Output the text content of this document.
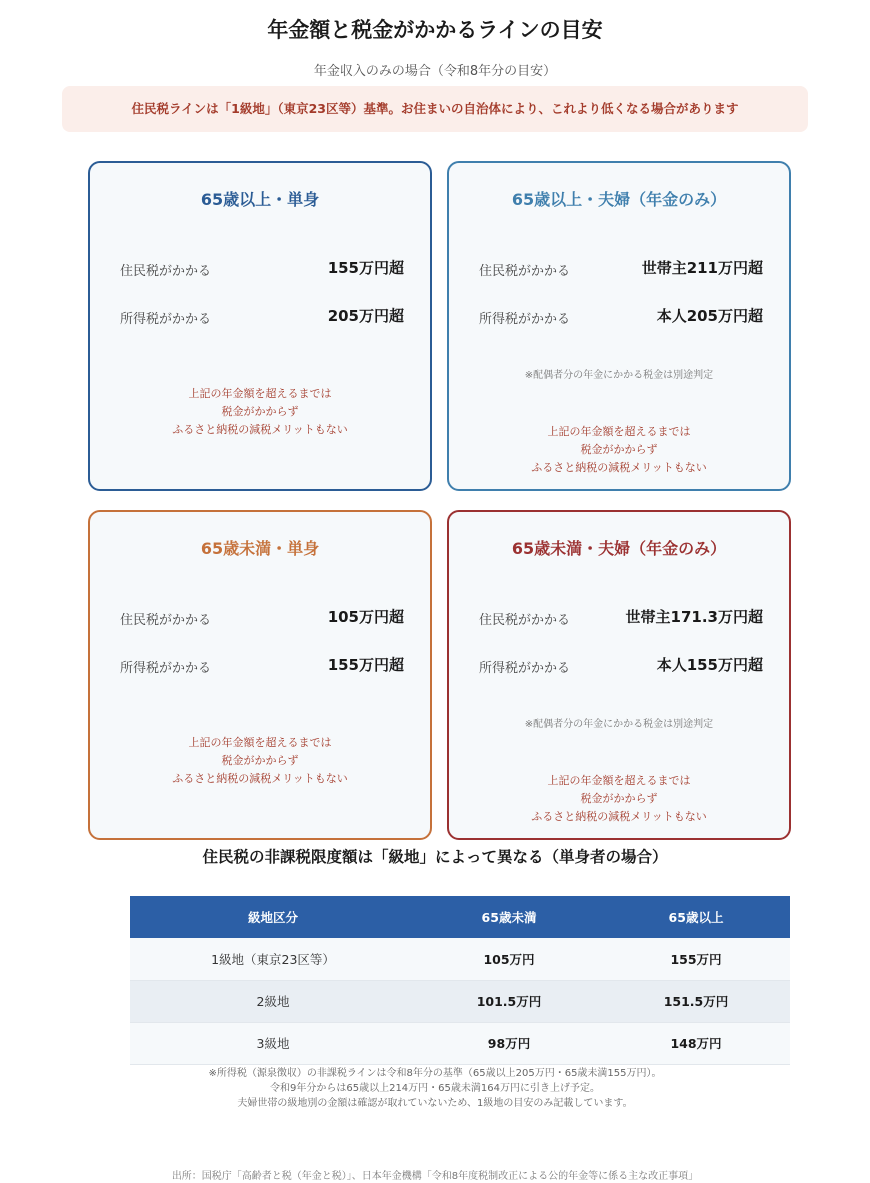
年金額と税金がかかるラインの目安
年金収入のみの場合（令和8年分の目安）
住民税ラインは「1級地」（東京23区等）基準。お住まいの自治体により、これより低くなる場合があります
65歳以上・単身
住民税がかかる	155万円超
所得税がかかる	205万円超
上記の年金額を超えるまでは
税金がかからず
ふるさと納税の減税メリットもない
65歳以上・夫婦（年金のみ）
住民税がかかる	世帯主211万円超
所得税がかかる	本人205万円超
※配偶者分の年金にかかる税金は別途判定
上記の年金額を超えるまでは
税金がかからず
ふるさと納税の減税メリットもない
65歳未満・単身
住民税がかかる	105万円超
所得税がかかる	155万円超
上記の年金額を超えるまでは
税金がかからず
ふるさと納税の減税メリットもない
65歳未満・夫婦（年金のみ）
住民税がかかる	世帯主171.3万円超
所得税がかかる	本人155万円超
※配偶者分の年金にかかる税金は別途判定
上記の年金額を超えるまでは
税金がかからず
ふるさと納税の減税メリットもない
住民税の非課税限度額は「級地」によって異なる（単身者の場合）
級地区分	65歳未満	65歳以上
1級地（東京23区等）	105万円	155万円
2級地	101.5万円	151.5万円
3級地	98万円	148万円
※所得税（源泉徴収）の非課税ラインは令和8年分の基準（65歳以上205万円・65歳未満155万円）。
令和9年分からは65歳以上214万円・65歳未満164万円に引き上げ予定。
夫婦世帯の級地別の金額は確認が取れていないため、1級地の目安のみ記載しています。
出所：国税庁「高齢者と税（年金と税）」、日本年金機構「令和8年度税制改正による公的年金等に係る主な改正事項」
